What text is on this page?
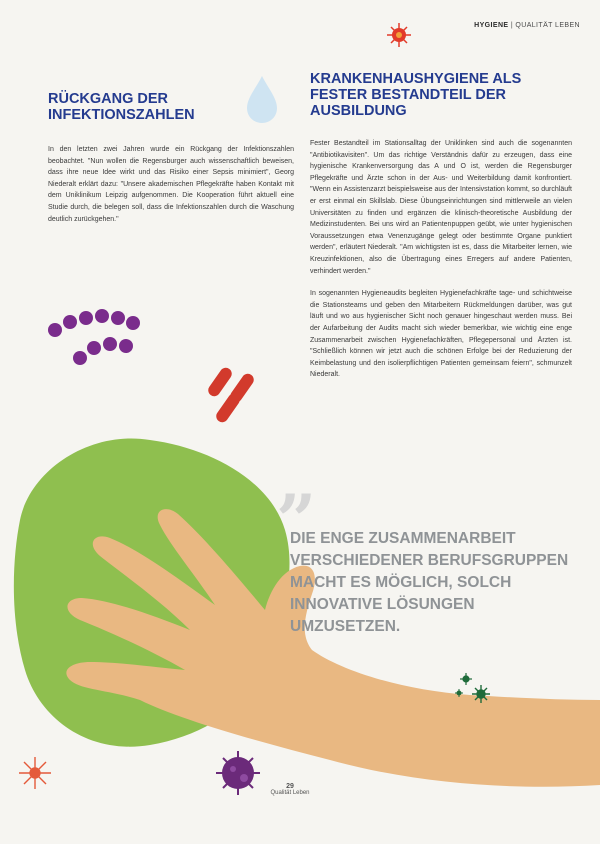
HYGIENE | QUALITÄT LEBEN
RÜCKGANG DER INFEKTIONSZAHLEN

In den letzten zwei Jahren wurde ein Rückgang der Infektionszahlen beobachtet. "Nun wollen die Regensburger auch wissenschaftlich beweisen, dass ihre neue Idee wirkt und das Risiko einer Sepsis minimiert", Georg Niederalt erklärt dazu: "Unsere akademischen Pflegekräfte haben Kontakt mit dem Uniklinikum Leipzig aufgenommen. Die Kooperation führt aktuell eine Studie durch, die belegen soll, dass die Infektionszahlen durch die Waschung deutlich zurückgehen."

KRANKENHAUSHYGIENE ALS FESTER BESTANDTEIL DER AUSBILDUNG

Fester Bestandteil im Stationsalltag der Uniklinken sind auch die sogenannten "Antibiotikavisiten". Um das richtige Verständnis dafür zu erzeugen, dass eine hygienische Krankenversorgung das A und O ist, werden die Regensburger Pflegekräfte und Ärzte schon in der Aus- und Weiterbildung damit konfrontiert. "Wenn ein Assistenzarzt beispielsweise aus der Intensivstation kommt, so durchläuft er erst einmal ein Skillslab. Diese Übungseinrichtungen sind mittlerweile an vielen Universitäten zu finden und ergänzen die klinisch-theoretische Ausbildung der Medizinstudenten. Bei uns wird an Patientenpuppen geübt, wie unter hygienischen Voraussetzungen etwa Venenzugänge gelegt oder bestimmte Organe punktiert werden", erläutert Niederalt. "Am wichtigsten ist es, dass die Mitarbeiter lernen, wie Kreuzinfektionen, also die Übertragung eines Erregers auf andere Patienten, verhindert werden."

In sogenannten Hygieneaudits begleiten Hygienefachkräfte tage- und schichtweise die Stationsteams und geben den Mitarbeitern Rückmeldungen darüber, was gut läuft und wo aus hygienischer Sicht noch genauer hingeschaut werden muss. Bei der Aufarbeitung der Audits macht sich wieder bemerkbar, wie wichtig eine enge Zusammenarbeit zwischen Hygienefachkräften, Pflegepersonal und Ärzten ist. "Schließlich können wir jetzt auch die schönen Erfolge bei der Reduzierung der Keimbelastung und den isolierpflichtigen Patienten gemeinsam feiern", schmunzelt Niederalt.

”

DIE ENGE ZUSAMMENARBEIT VERSCHIEDENER BERUFSGRUPPEN MACHT ES MÖGLICH, SOLCH INNOVATIVE LÖSUNGEN UMZUSETZEN.

29
Qualität Leben
